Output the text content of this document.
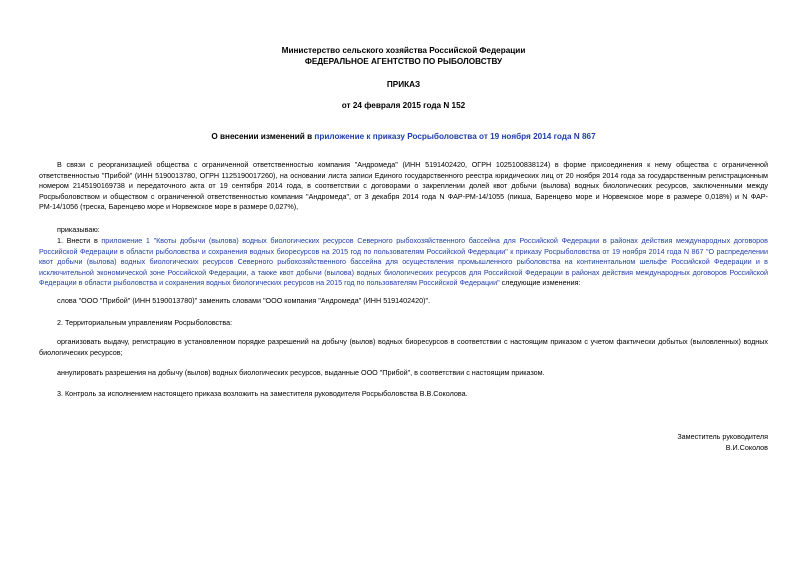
Министерство сельского хозяйства Российской Федерации
ФЕДЕРАЛЬНОЕ АГЕНТСТВО ПО РЫБОЛОВСТВУ
ПРИКАЗ
от 24 февраля 2015 года N 152
О внесении изменений в приложение к приказу Росрыболовства от 19 ноября 2014 года N 867
В связи с реорганизацией общества с ограниченной ответственностью компания "Андромеда" (ИНН 5191402420, ОГРН 1025100838124) в форме присоединения к нему общества с ограниченной ответственностью "Прибой" (ИНН 5190013780, ОГРН 1125190017260), на основании листа записи Единого государственного реестра юридических лиц от 20 ноября 2014 года за государственным регистрационным номером 2145190169738 и передаточного акта от 19 сентября 2014 года, в соответствии с договорами о закреплении долей квот добычи (вылова) водных биологических ресурсов, заключенными между Росрыболовством и обществом с ограниченной ответственностью компания "Андромеда", от 3 декабря 2014 года N ФАР-РМ-14/1055 (пикша, Баренцево море и Норвежское море в размере 0,018%) и N ФАР-РМ-14/1056 (треска, Баренцево море и Норвежское море в размере 0,027%),
приказываю:
1. Внести в приложение 1 "Квоты добычи (вылова) водных биологических ресурсов Северного рыбохозяйственного бассейна для Российской Федерации в районах действия международных договоров Российской Федерации в области рыболовства и сохранения водных биоресурсов на 2015 год по пользователям Российской Федерации" к приказу Росрыболовства от 19 ноября 2014 года N 867 "О распределении квот добычи (вылова) водных биологических ресурсов Северного рыбохозяйственного бассейна для осуществления промышленного рыболовства на континентальном шельфе Российской Федерации и в исключительной экономической зоне Российской Федерации, а также квот добычи (вылова) водных биологических ресурсов для Российской Федерации в районах действия международных договоров Российской Федерации в области рыболовства и сохранения водных биологических ресурсов на 2015 год по пользователям Российской Федерации" следующие изменения:
слова "ООО "Прибой" (ИНН 5190013780)" заменить словами "ООО компания "Андромеда" (ИНН 5191402420)".
2. Территориальным управлениям Росрыболовства:
организовать выдачу, регистрацию в установленном порядке разрешений на добычу (вылов) водных биоресурсов в соответствии с настоящим приказом с учетом фактически добытых (выловленных) водных биологических ресурсов;
аннулировать разрешения на добычу (вылов) водных биологических ресурсов, выданные ООО "Прибой", в соответствии с настоящим приказом.
3. Контроль за исполнением настоящего приказа возложить на заместителя руководителя Росрыболовства В.В.Соколова.
Заместитель руководителя
В.И.Соколов
